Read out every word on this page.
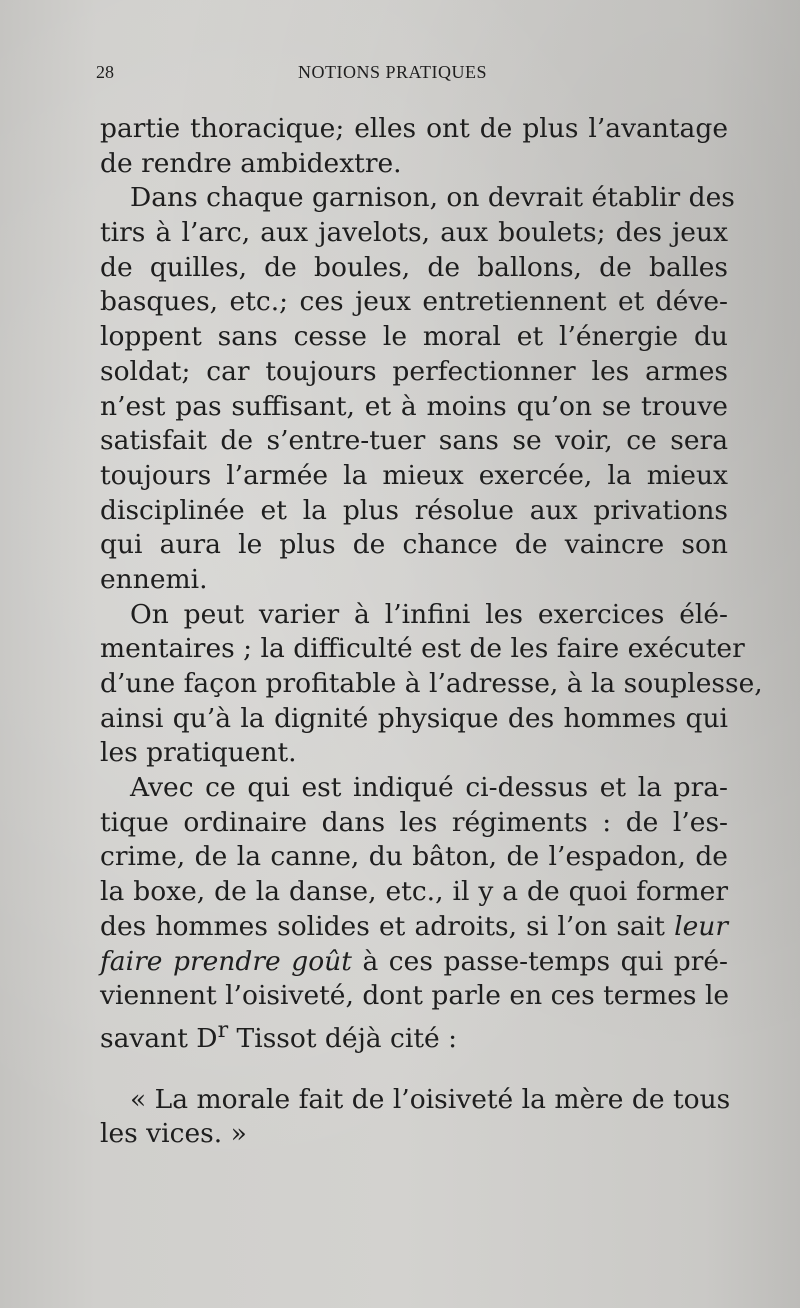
28	NOTIONS PRATIQUES
partie thoracique; elles ont de plus l’avantage
de rendre ambidextre.
Dans chaque garnison, on devrait établir des
tirs à l’arc, aux javelots, aux boulets; des jeux
de quilles, de boules, de ballons, de balles
basques, etc.; ces jeux entretiennent et déve-
loppent sans cesse le moral et l’énergie du
soldat; car toujours perfectionner les armes
n’est pas suffisant, et à moins qu’on se trouve
satisfait de s’entre-tuer sans se voir, ce sera
toujours l’armée la mieux exercée, la mieux
disciplinée et la plus résolue aux privations
qui aura le plus de chance de vaincre son
ennemi.
On peut varier à l’infini les exercices élé-
mentaires ; la difficulté est de les faire exécuter
d’une façon profitable à l’adresse, à la souplesse,
ainsi qu’à la dignité physique des hommes qui
les pratiquent.
Avec ce qui est indiqué ci-dessus et la pra-
tique ordinaire dans les régiments : de l’es-
crime, de la canne, du bâton, de l’espadon, de
la boxe, de la danse, etc., il y a de quoi former
des hommes solides et adroits, si l’on sait leur
faire prendre goût à ces passe-temps qui pré-
viennent l’oisiveté, dont parle en ces termes le
savant $D^r$ Tissot déjà cité :
« La morale fait de l’oisiveté la mère de tous
les vices. »
